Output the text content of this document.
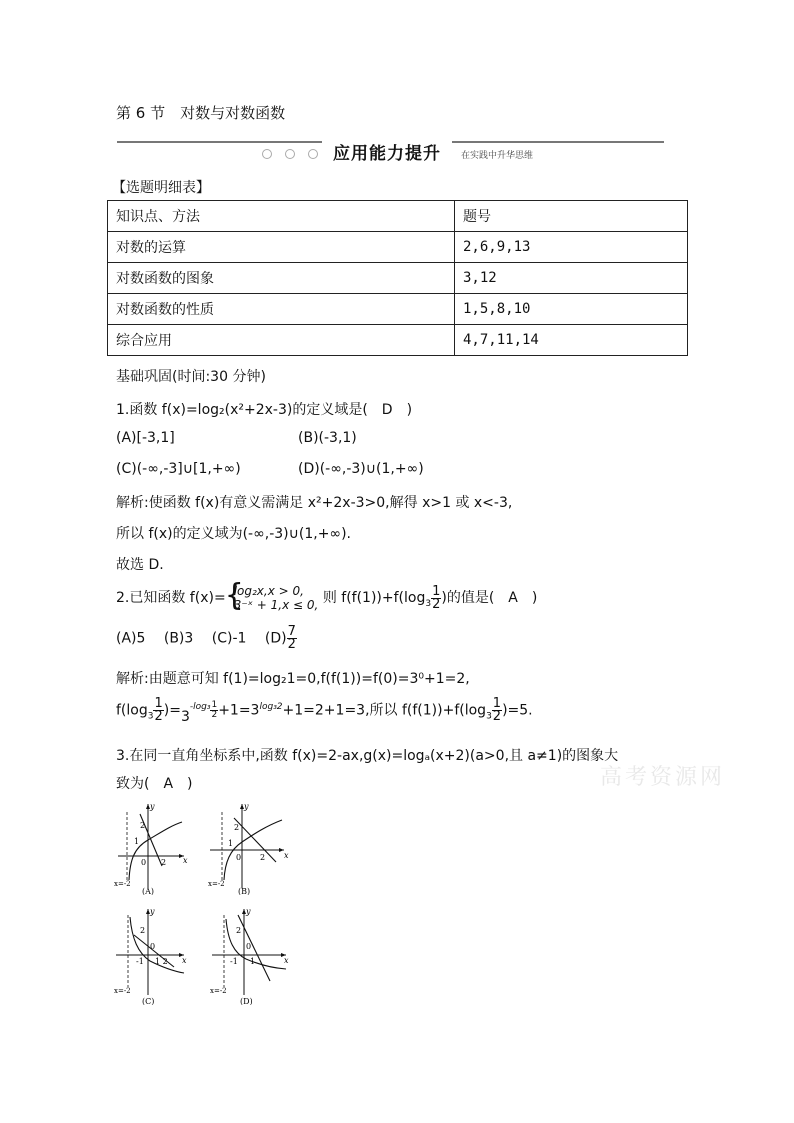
第 6 节　对数与对数函数
应用能力提升 在实践中升华思维
【选题明细表】
知识点、方法	题号
对数的运算	2,6,9,13
对数函数的图象	3,12
对数函数的性质	1,5,8,10
综合应用	4,7,11,14
基础巩固(时间:30 分钟)
1.函数 f(x)=log₂(x²+2x-3)的定义域是(　D　)
(A)[-3,1]	(B)(-3,1)
(C)(-∞,-3]∪[1,+∞)	(D)(-∞,-3)∪(1,+∞)
解析:使函数 f(x)有意义需满足 x²+2x-3>0,解得 x>1 或 x<-3,
所以 f(x)的定义域为(-∞,-3)∪(1,+∞).
故选 D.
2.已知函数 f(x)= { log₂x,x > 0,
3⁻ˣ + 1,x ≤ 0, 则 $f(f(1))+f(\log_3 \frac{1}{2}$ )的值是(　A　)
(A)5　 (B)3　 (C)-1　 $(D) \frac{7}{2}$
解析:由题意可知 f(1)=log₂1=0,f(f(1))=f(0)=3⁰+1=2,
$f(\log_3 \frac{1}{2} )=3^{-log_3} \frac{1}{2} +1=3^{log_32}+1=2+1=3$,所以 $f(f(1))+f(\log_3 \frac{1}{2} )=5$.
3.在同一直角坐标系中,函数 f(x)=2-ax,g(x)=logₐ(x+2)(a>0,且 a≠1)的图象大
致为(　A　)	高考资源网
y
x
2
1
0 2
x=-2
(A)
y
x
2
1
0 2
x=-2
(B)
y
x
2
0
-1 1 2
x=-2
(C)
y
x
2
0
-1 1
x=-2
(D)
